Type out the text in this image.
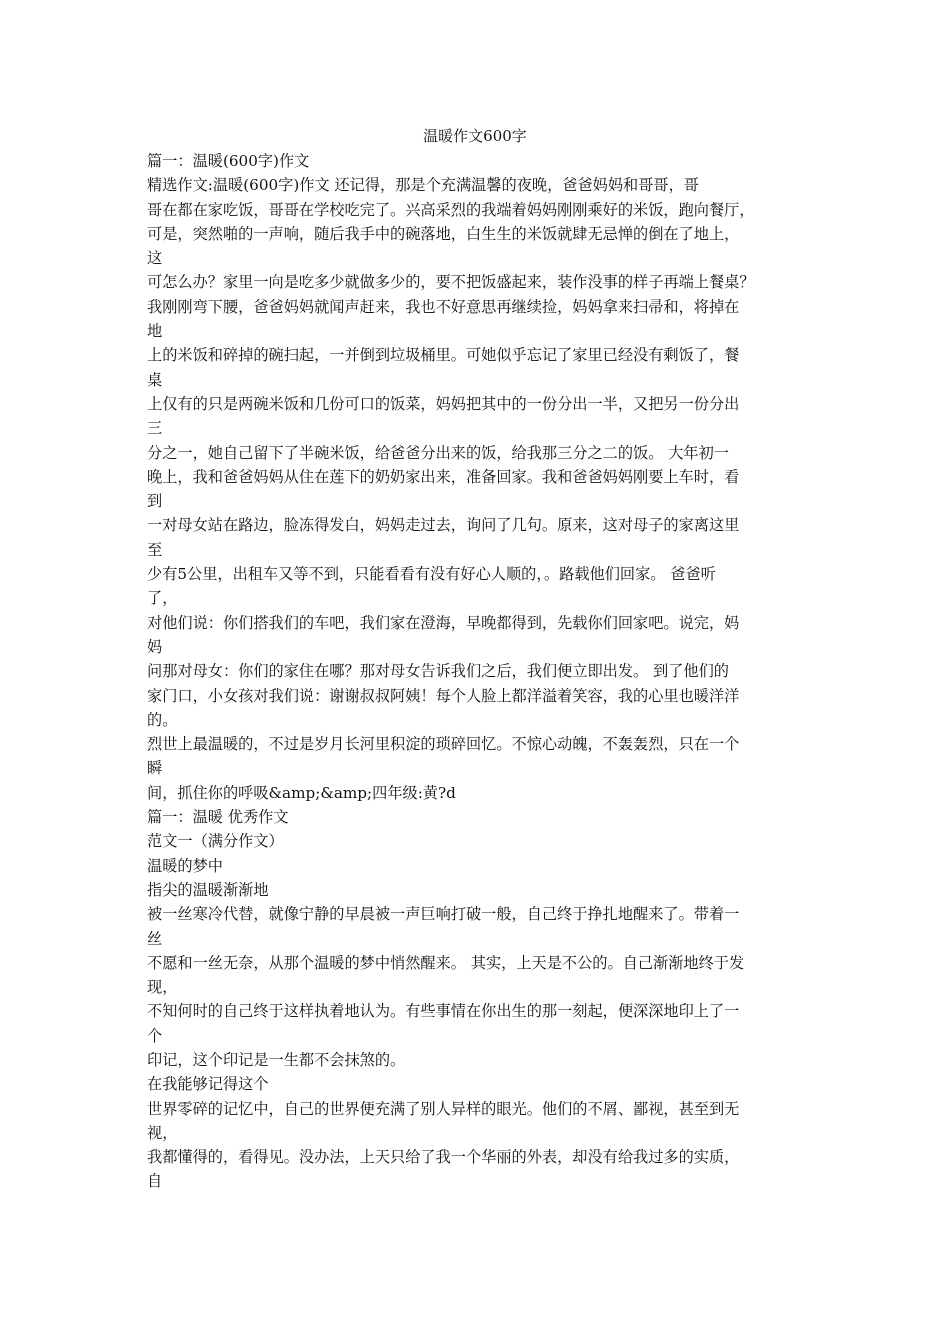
温暖作文600字
篇一：温暖(600字)作文
精选作文:温暖(600字)作文 还记得，那是个充满温馨的夜晚，爸爸妈妈和哥哥，哥
哥在都在家吃饭，哥哥在学校吃完了。兴高采烈的我端着妈妈刚刚乘好的米饭，跑向餐厅，
可是，突然啪的一声响，随后我手中的碗落地，白生生的米饭就肆无忌惮的倒在了地上，
这
可怎么办？家里一向是吃多少就做多少的，要不把饭盛起来，装作没事的样子再端上餐桌？
我刚刚弯下腰，爸爸妈妈就闻声赶来，我也不好意思再继续捡，妈妈拿来扫帚和，将掉在
地
上的米饭和碎掉的碗扫起，一并倒到垃圾桶里。可她似乎忘记了家里已经没有剩饭了，餐
桌
上仅有的只是两碗米饭和几份可口的饭菜，妈妈把其中的一份分出一半，又把另一份分出
三
分之一，她自己留下了半碗米饭，给爸爸分出来的饭，给我那三分之二的饭。 大年初一
晚上，我和爸爸妈妈从住在莲下的奶奶家出来，准备回家。我和爸爸妈妈刚要上车时，看
到
一对母女站在路边，脸冻得发白，妈妈走过去，询问了几句。原来，这对母子的家离这里
至
少有5公里，出租车又等不到，只能看看有没有好心人顺的，。路载他们回家。 爸爸听
了，
对他们说：你们搭我们的车吧，我们家在澄海，早晚都得到，先载你们回家吧。说完，妈
妈
问那对母女：你们的家住在哪？那对母女告诉我们之后，我们便立即出发。 到了他们的
家门口，小女孩对我们说：谢谢叔叔阿姨！每个人脸上都洋溢着笑容，我的心里也暖洋洋
的。
烈世上最温暖的，不过是岁月长河里积淀的琐碎回忆。不惊心动魄，不轰轰烈，只在一个
瞬
间，抓住你的呼吸&amp;&amp;四年级:黄?d
篇一：温暖 优秀作文
范文一（满分作文）
温暖的梦中
指尖的温暖渐渐地
被一丝寒冷代替，就像宁静的早晨被一声巨响打破一般，自己终于挣扎地醒来了。带着一
丝
不愿和一丝无奈，从那个温暖的梦中悄然醒来。 其实，上天是不公的。自己渐渐地终于发
现，
不知何时的自己终于这样执着地认为。有些事情在你出生的那一刻起，便深深地印上了一
个
印记，这个印记是一生都不会抹煞的。
在我能够记得这个
世界零碎的记忆中，自己的世界便充满了别人异样的眼光。他们的不屑、鄙视，甚至到无
视，
我都懂得的，看得见。没办法，上天只给了我一个华丽的外表，却没有给我过多的实质，
自
